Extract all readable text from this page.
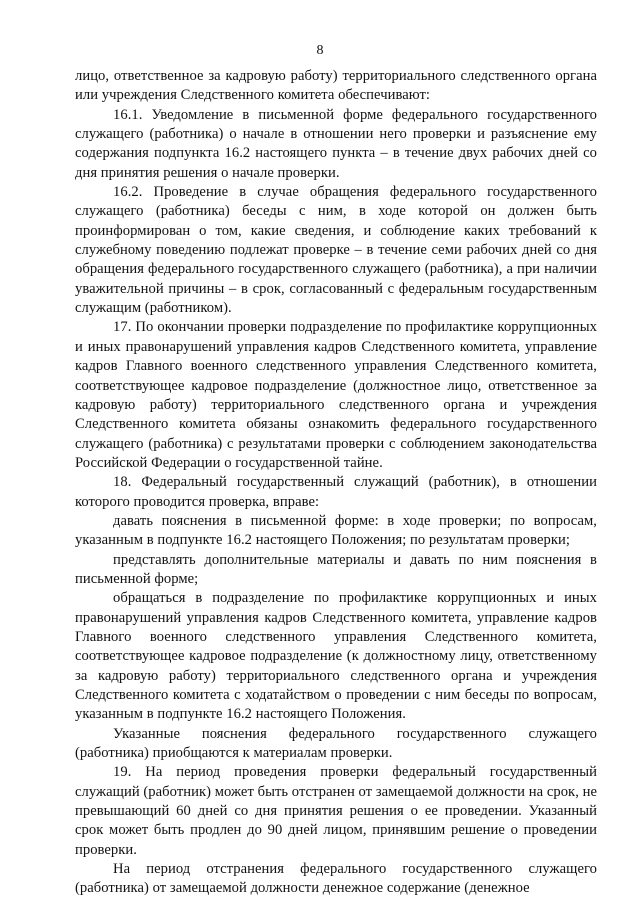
8

лицо, ответственное за кадровую работу) территориального следственного органа или учреждения Следственного комитета обеспечивают:

16.1. Уведомление в письменной форме федерального государственного служащего (работника) о начале в отношении него проверки и разъяснение ему содержания подпункта 16.2 настоящего пункта – в течение двух рабочих дней со дня принятия решения о начале проверки.

16.2. Проведение в случае обращения федерального государственного служащего (работника) беседы с ним, в ходе которой он должен быть проинформирован о том, какие сведения, и соблюдение каких требований к служебному поведению подлежат проверке – в течение семи рабочих дней со дня обращения федерального государственного служащего (работника), а при наличии уважительной причины – в срок, согласованный с федеральным государственным служащим (работником).

17. По окончании проверки подразделение по профилактике коррупционных и иных правонарушений управления кадров Следственного комитета, управление кадров Главного военного следственного управления Следственного комитета, соответствующее кадровое подразделение (должностное лицо, ответственное за кадровую работу) территориального следственного органа и учреждения Следственного комитета обязаны ознакомить федерального государственного служащего (работника) с результатами проверки с соблюдением законодательства Российской Федерации о государственной тайне.

18. Федеральный государственный служащий (работник), в отношении которого проводится проверка, вправе:

давать пояснения в письменной форме: в ходе проверки; по вопросам, указанным в подпункте 16.2 настоящего Положения; по результатам проверки;

представлять дополнительные материалы и давать по ним пояснения в письменной форме;

обращаться в подразделение по профилактике коррупционных и иных правонарушений управления кадров Следственного комитета, управление кадров Главного военного следственного управления Следственного комитета, соответствующее кадровое подразделение (к должностному лицу, ответственному за кадровую работу) территориального следственного органа и учреждения Следственного комитета с ходатайством о проведении с ним беседы по вопросам, указанным в подпункте 16.2 настоящего Положения.

Указанные пояснения федерального государственного служащего (работника) приобщаются к материалам проверки.

19. На период проведения проверки федеральный государственный служащий (работник) может быть отстранен от замещаемой должности на срок, не превышающий 60 дней со дня принятия решения о ее проведении. Указанный срок может быть продлен до 90 дней лицом, принявшим решение о проведении проверки.

На период отстранения федерального государственного служащего (работника) от замещаемой должности денежное содержание (денежное
